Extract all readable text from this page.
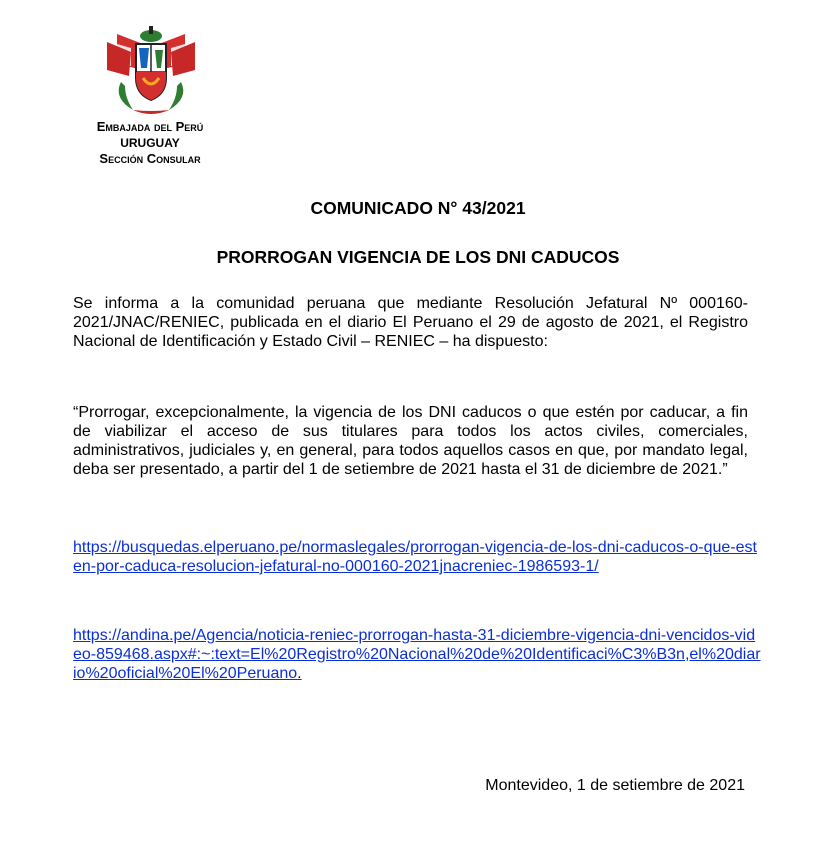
Embajada del Perú
URUGUAY
Sección Consular
COMUNICADO N° 43/2021
PRORROGAN VIGENCIA DE LOS DNI CADUCOS
Se informa a la comunidad peruana que mediante Resolución Jefatural Nº 000160-2021/JNAC/RENIEC, publicada en el diario El Peruano el 29 de agosto de 2021, el Registro Nacional de Identificación y Estado Civil – RENIEC – ha dispuesto:
“Prorrogar, excepcionalmente, la vigencia de los DNI caducos o que estén por caducar, a fin de viabilizar el acceso de sus titulares para todos los actos civiles, comerciales, administrativos, judiciales y, en general, para todos aquellos casos en que, por mandato legal, deba ser presentado, a partir del 1 de setiembre de 2021 hasta el 31 de diciembre de 2021.”
https://busquedas.elperuano.pe/normaslegales/prorrogan-vigencia-de-los-dni-caducos-o-que-esten-por-caduca-resolucion-jefatural-no-000160-2021jnacreniec-1986593-1/
https://andina.pe/Agencia/noticia-reniec-prorrogan-hasta-31-diciembre-vigencia-dni-vencidos-video-859468.aspx#:~:text=El%20Registro%20Nacional%20de%20Identificaci%C3%B3n,el%20diario%20oficial%20El%20Peruano.
Montevideo, 1 de setiembre de 2021
